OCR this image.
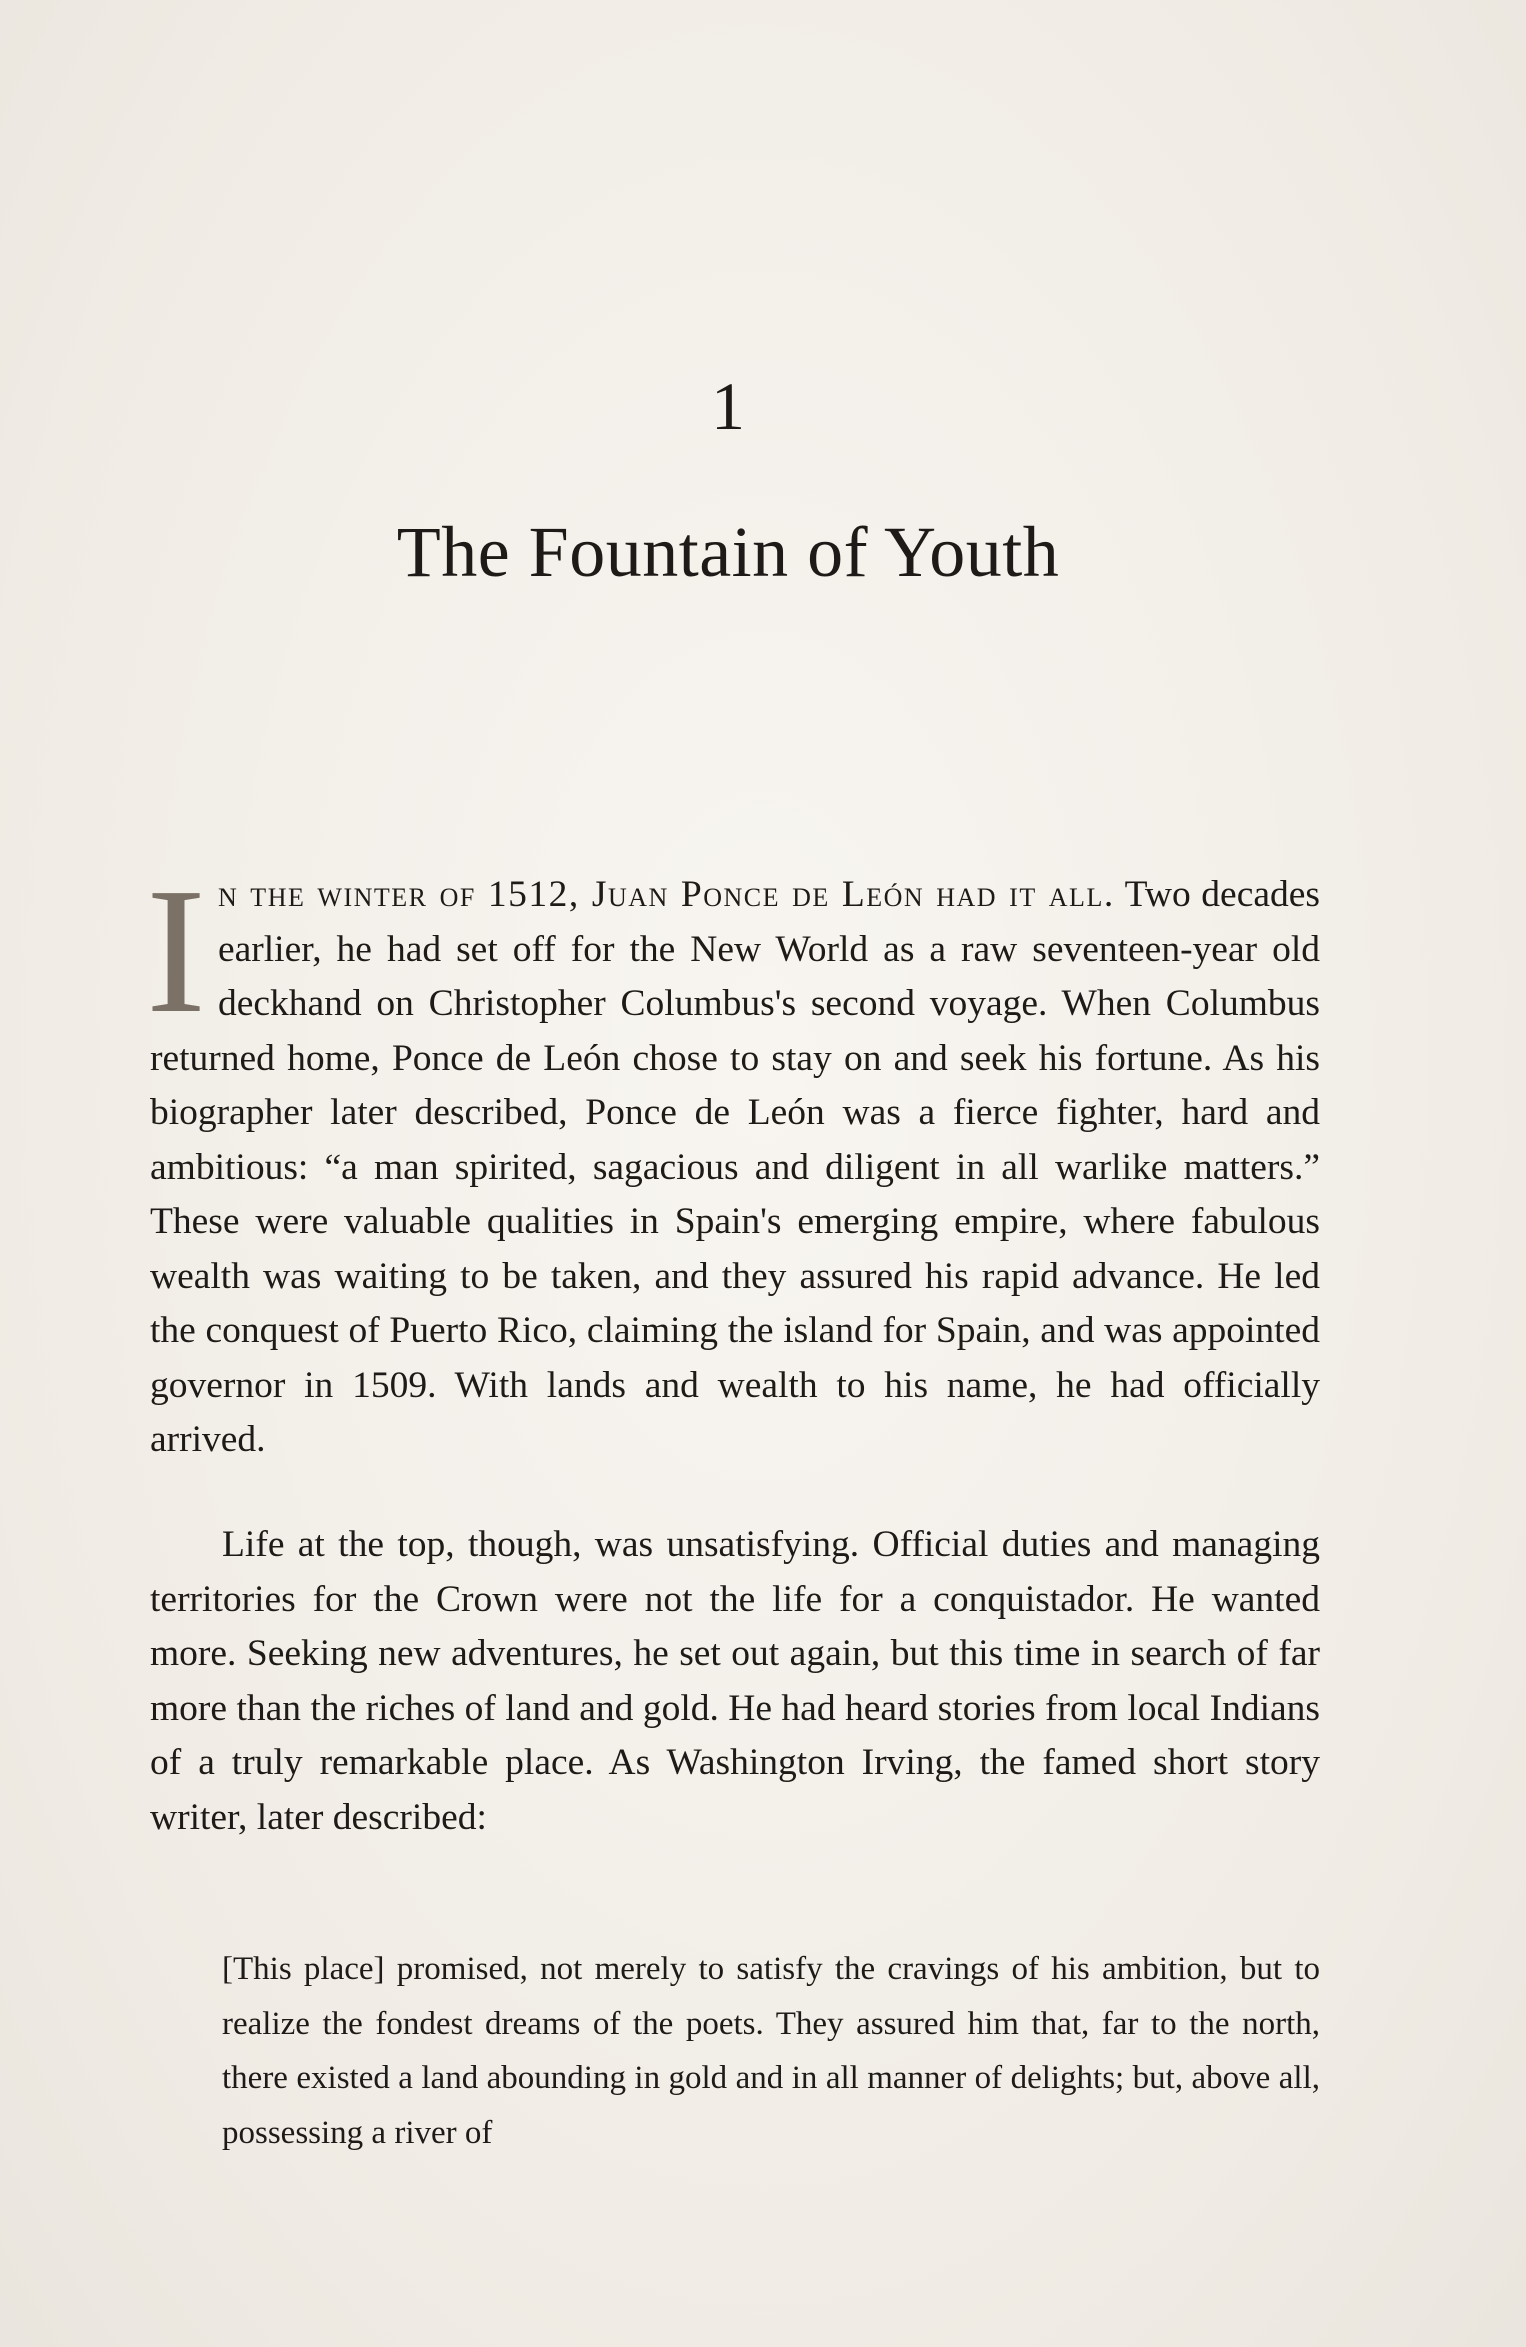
1
The Fountain of Youth
In the winter of 1512, Juan Ponce de León had it all. Two decades earlier, he had set off for the New World as a raw seventeen-year old deckhand on Christopher Columbus's second voyage. When Columbus returned home, Ponce de León chose to stay on and seek his fortune. As his biographer later described, Ponce de León was a fierce fighter, hard and ambitious: “a man spirited, sagacious and diligent in all warlike matters.” These were valuable qualities in Spain's emerging empire, where fabulous wealth was waiting to be taken, and they assured his rapid advance. He led the conquest of Puerto Rico, claiming the island for Spain, and was appointed governor in 1509. With lands and wealth to his name, he had officially arrived.
Life at the top, though, was unsatisfying. Official duties and managing territories for the Crown were not the life for a conquistador. He wanted more. Seeking new adventures, he set out again, but this time in search of far more than the riches of land and gold. He had heard stories from local Indians of a truly remarkable place. As Washington Irving, the famed short story writer, later described:
[This place] promised, not merely to satisfy the cravings of his ambition, but to realize the fondest dreams of the poets. They assured him that, far to the north, there existed a land abounding in gold and in all manner of delights; but, above all, possessing a river of
